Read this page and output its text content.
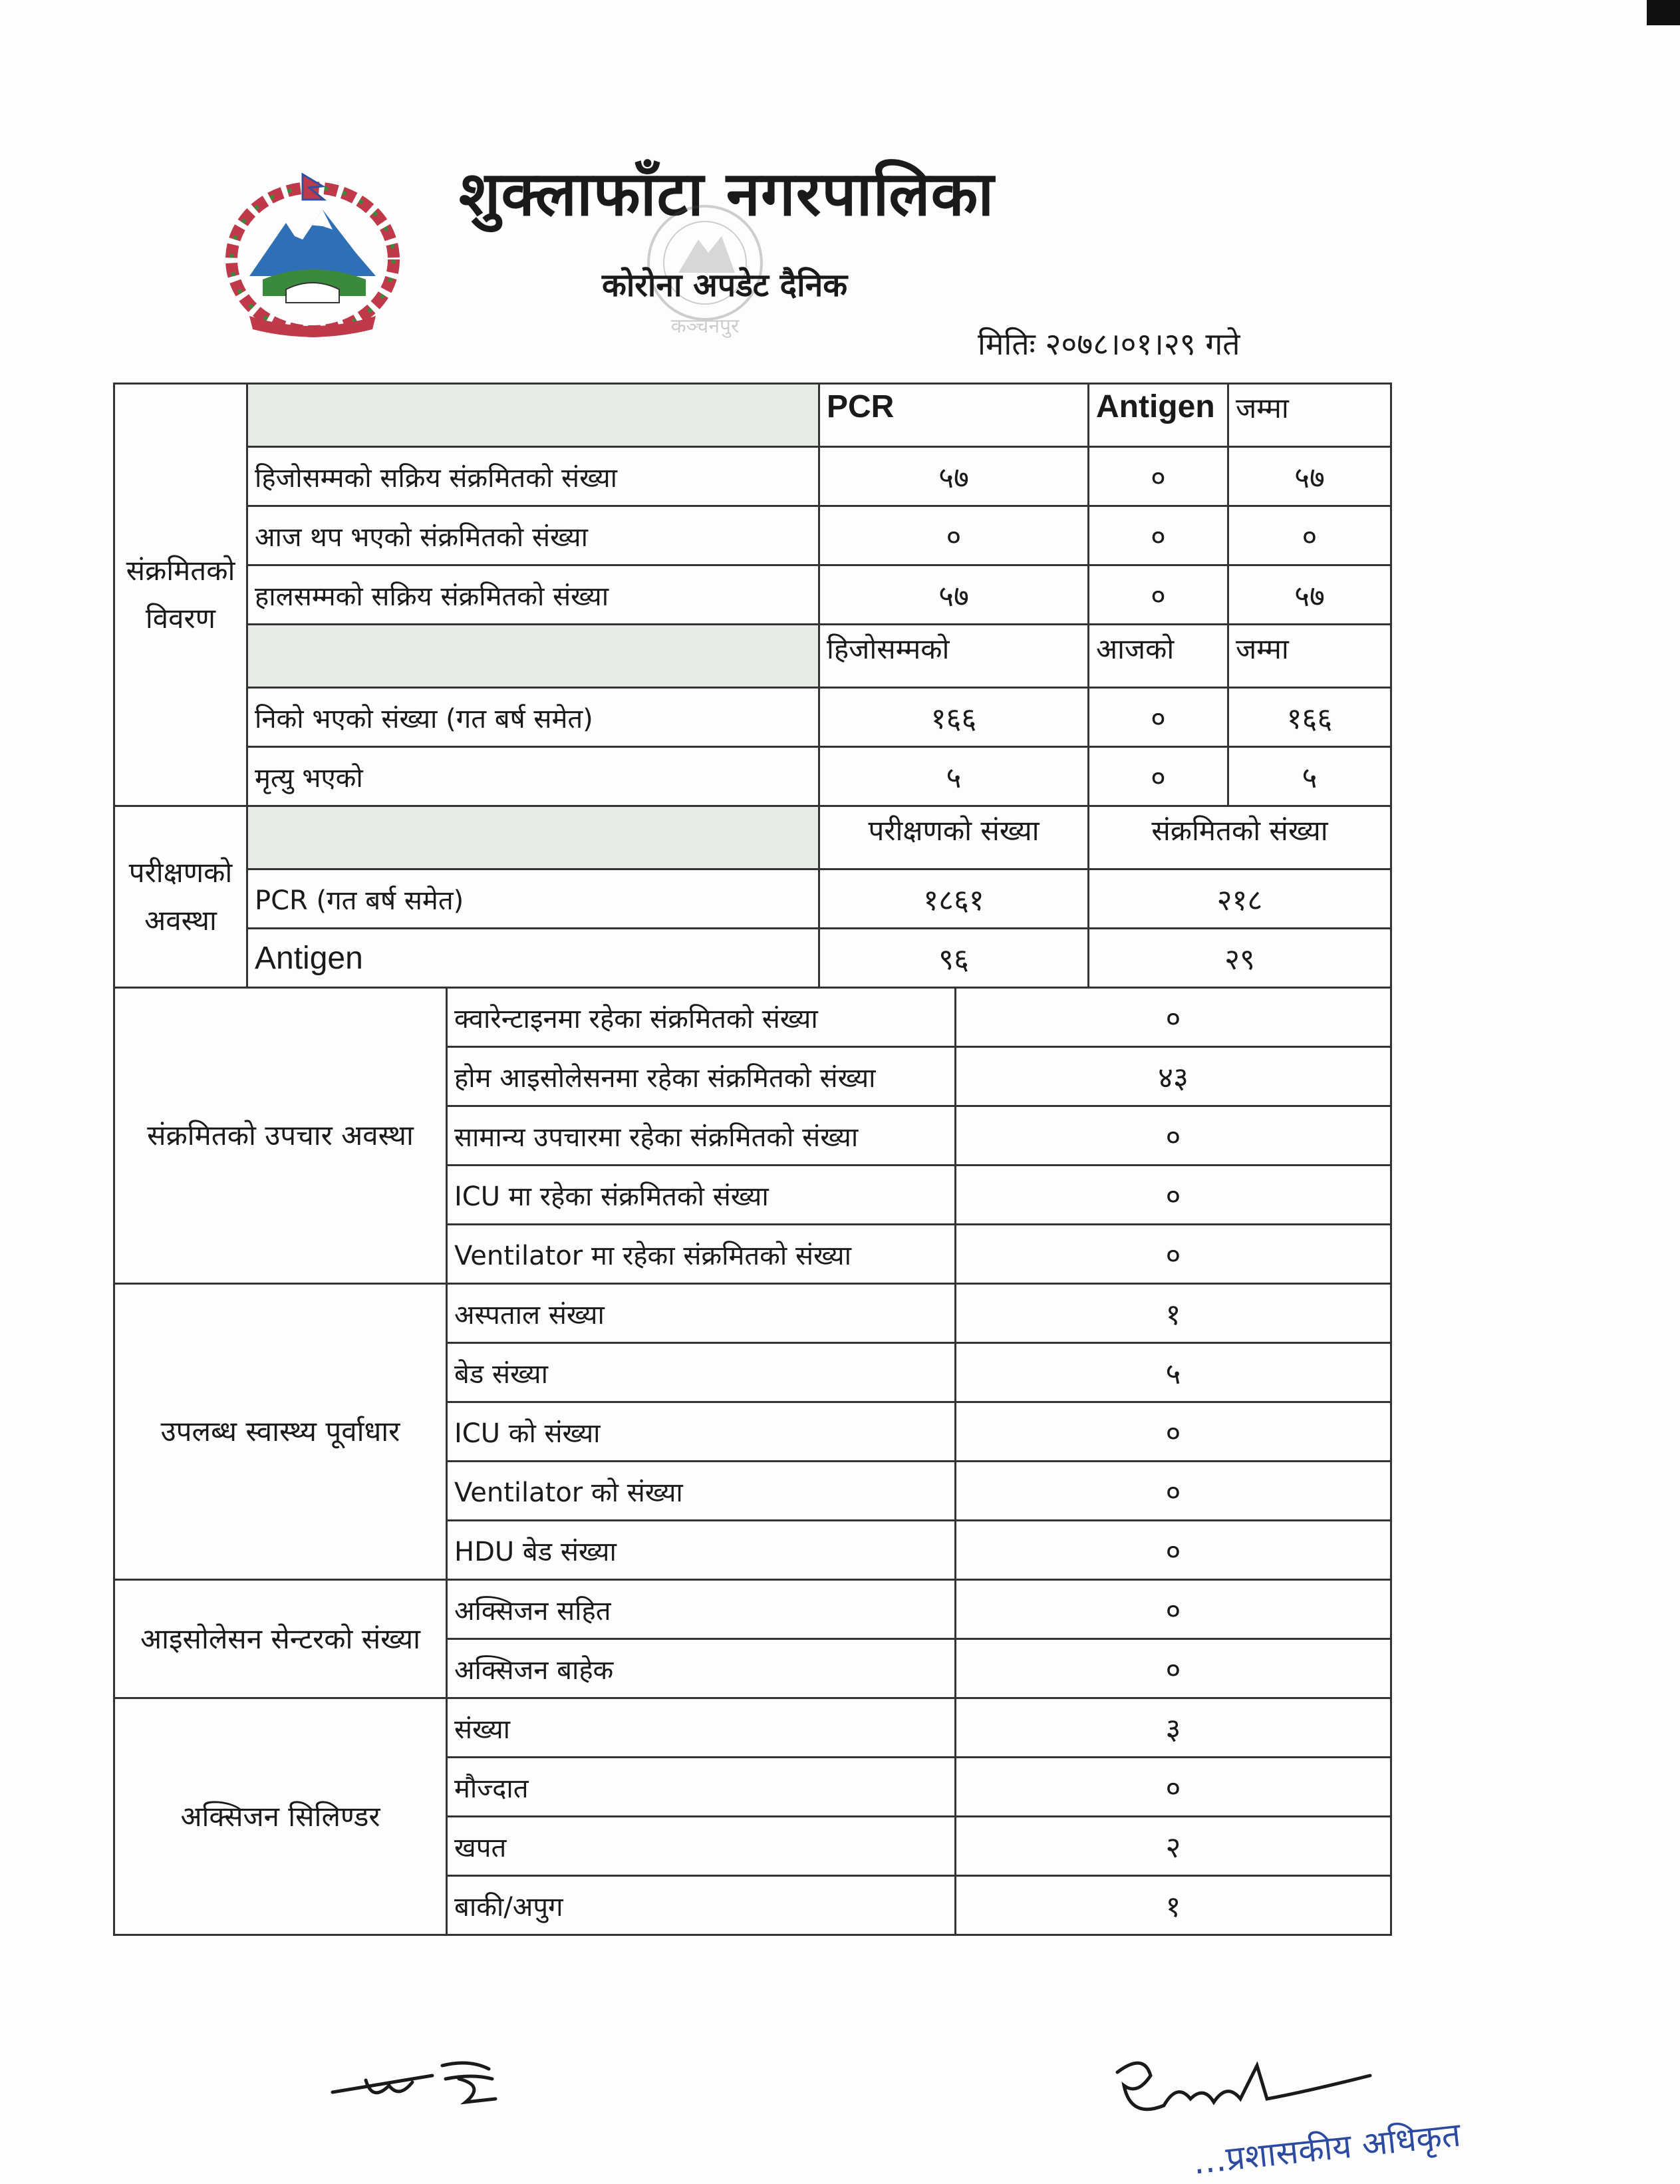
शुक्लाफाँटा नगरपालिका
कञ्चनपुर
कोरोना अपडेट दैनिक
मितिः २०७८।०१।२९ गते
संक्रमितको विवरण			PCR		Antigen	जम्मा
	हिजोसम्मको सक्रिय संक्रमितको संख्या		५७		०	५७
	आज थप भएको संक्रमितको संख्या		०		०	०
	हालसम्मको सक्रिय संक्रमितको संख्या		५७		०	५७
			हिजोसम्मको		आजको	जम्मा
	निको भएको संख्या (गत बर्ष समेत)		१६६		०	१६६
	मृत्यु भएको		५		०	५
परीक्षणको अवस्था			परीक्षणको संख्या		संक्रमितको संख्या	
	PCR (गत बर्ष समेत)		१८६१		२१८	
	Antigen		९६		२९	
संक्रमितको उपचार अवस्था		क्वारेन्टाइनमा रहेका संक्रमितको संख्या		०		
		होम आइसोलेसनमा रहेका संक्रमितको संख्या		४३		
		सामान्य उपचारमा रहेका संक्रमितको संख्या		०		
		ICU मा रहेका संक्रमितको संख्या		०		
		Ventilator मा रहेका संक्रमितको संख्या		०		
उपलब्ध स्वास्थ्य पूर्वाधार		अस्पताल संख्या		१		
		बेड संख्या		५		
		ICU को संख्या		०		
		Ventilator को संख्या		०		
		HDU बेड संख्या		०		
आइसोलेसन सेन्टरको संख्या		अक्सिजन सहित		०		
		अक्सिजन बाहेक		०		
अक्सिजन सिलिण्डर		संख्या		३		
		मौज्दात		०		
		खपत		२		
		बाकी/अपुग		१		
…प्रशासकीय अधिकृत
